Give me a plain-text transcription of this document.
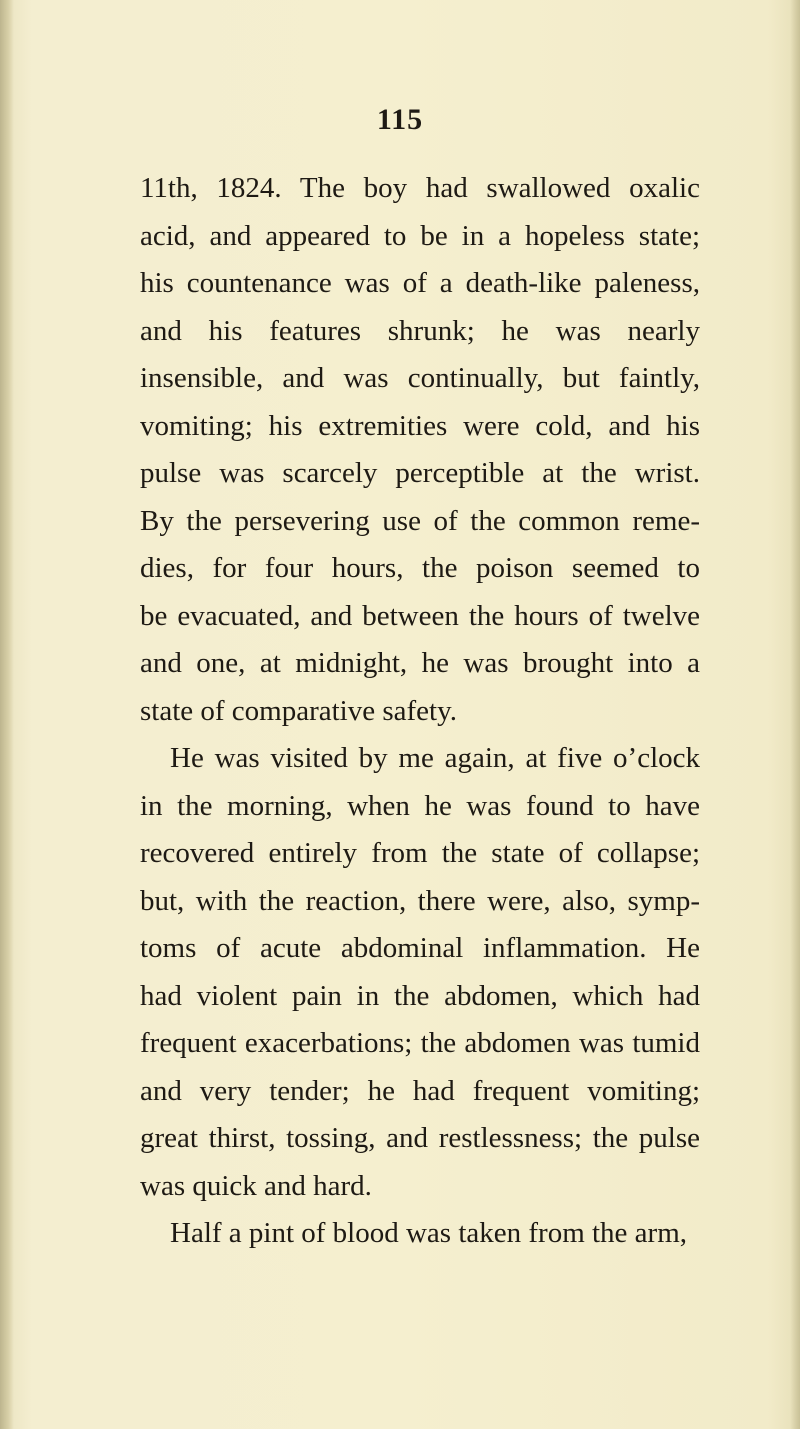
115
11th, 1824. The boy had swallowed oxalic
acid, and appeared to be in a hopeless state;
his countenance was of a death-like paleness,
and his features shrunk; he was nearly
insensible, and was continually, but faintly,
vomiting; his extremities were cold, and his
pulse was scarcely perceptible at the wrist.
By the persevering use of the common reme-
dies, for four hours, the poison seemed to
be evacuated, and between the hours of twelve
and one, at midnight, he was brought into a
state of comparative safety.
He was visited by me again, at five o’clock
in the morning, when he was found to have
recovered entirely from the state of collapse;
but, with the reaction, there were, also, symp-
toms of acute abdominal inflammation. He
had violent pain in the abdomen, which had
frequent exacerbations; the abdomen was tumid
and very tender; he had frequent vomiting;
great thirst, tossing, and restlessness; the pulse
was quick and hard.
Half a pint of blood was taken from the arm,
